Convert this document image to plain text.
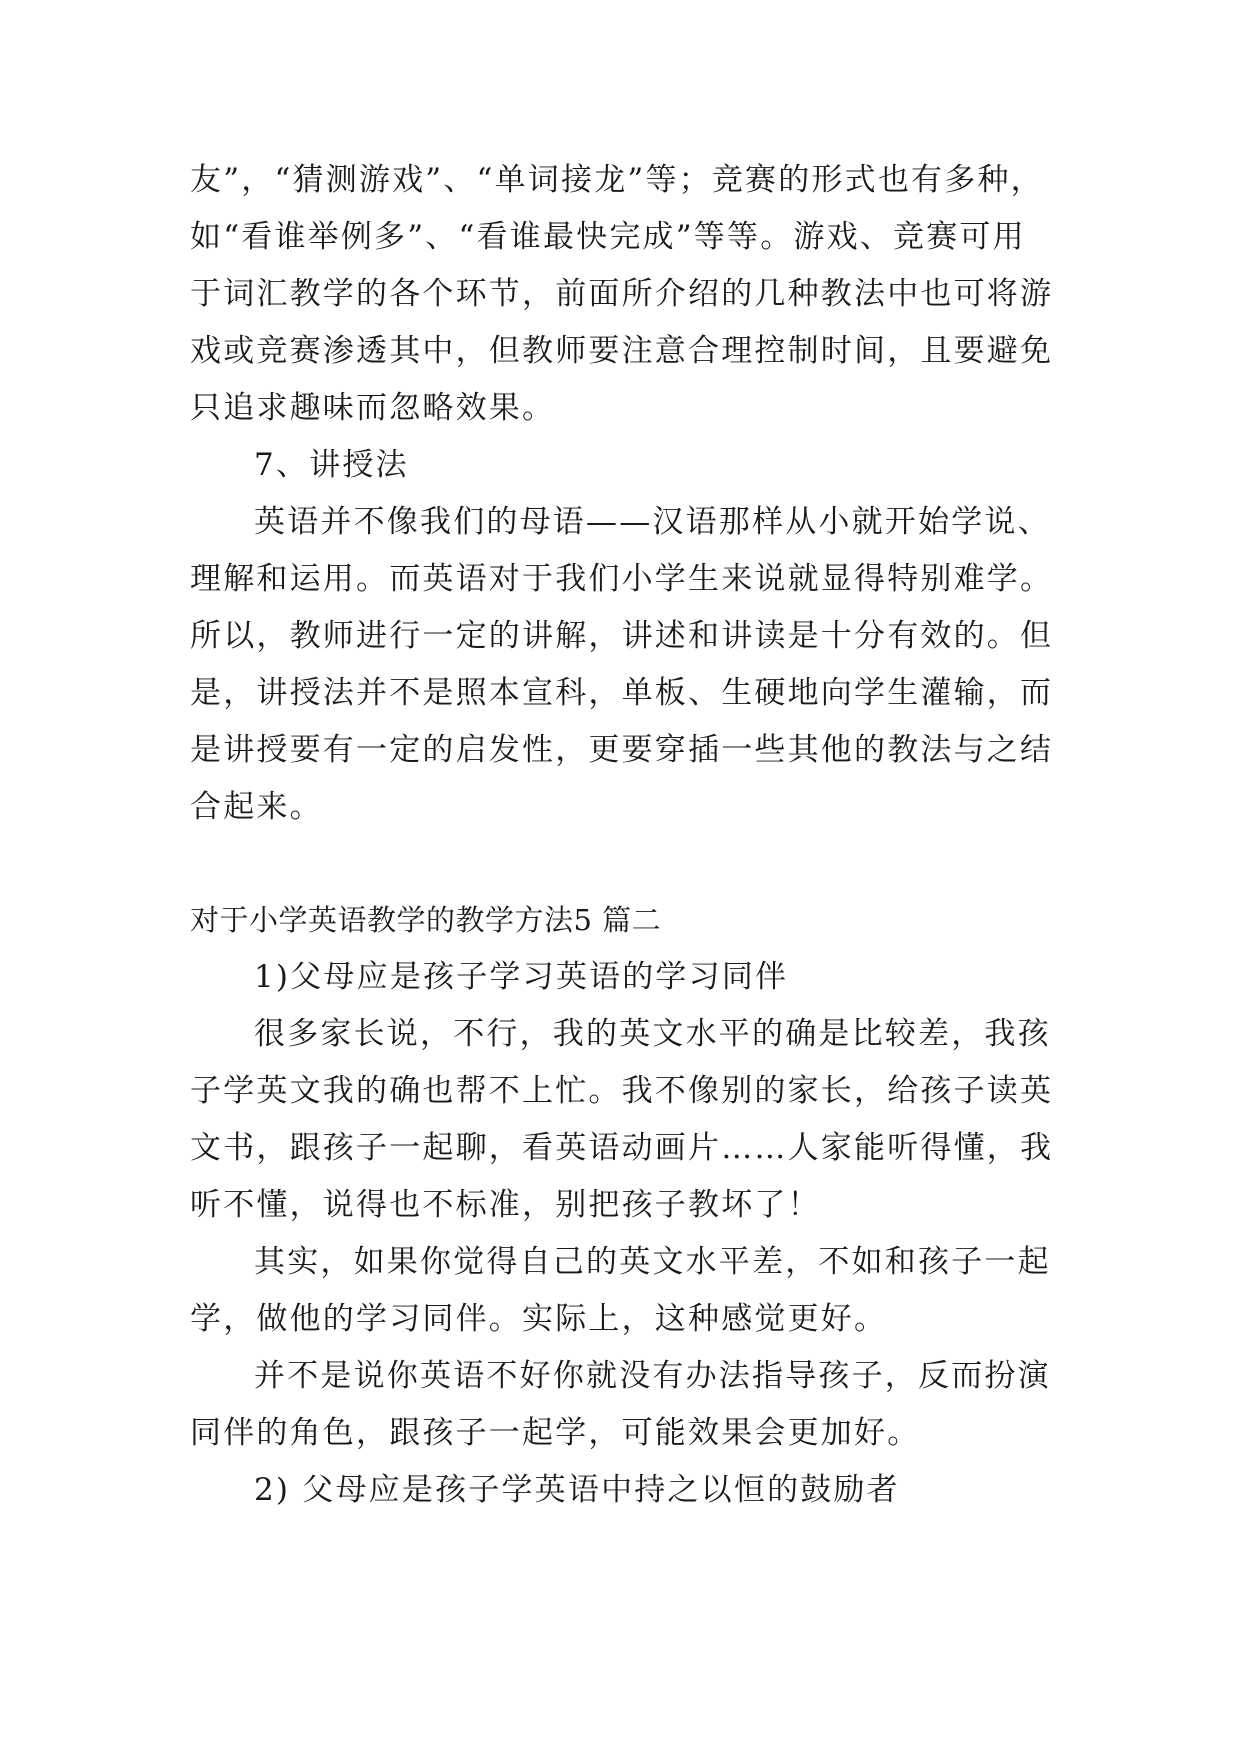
友”，“猜测游戏”、“单词接龙”等；竞赛的形式也有多种，
如“看谁举例多”、“看谁最快完成”等等。游戏、竞赛可用
于词汇教学的各个环节，前面所介绍的几种教法中也可将游
戏或竞赛渗透其中，但教师要注意合理控制时间，且要避免
只追求趣味而忽略效果。
7、讲授法
英语并不像我们的母语——汉语那样从小就开始学说、
理解和运用。而英语对于我们小学生来说就显得特别难学。
所以，教师进行一定的讲解，讲述和讲读是十分有效的。但
是，讲授法并不是照本宣科，单板、生硬地向学生灌输，而
是讲授要有一定的启发性，更要穿插一些其他的教法与之结
合起来。
对于小学英语教学的教学方法5 篇二
1)父母应是孩子学习英语的学习同伴
很多家长说，不行，我的英文水平的确是比较差，我孩
子学英文我的确也帮不上忙。我不像别的家长，给孩子读英
文书，跟孩子一起聊，看英语动画片……人家能听得懂，我
听不懂，说得也不标准，别把孩子教坏了！
其实，如果你觉得自己的英文水平差，不如和孩子一起
学，做他的学习同伴。实际上，这种感觉更好。
并不是说你英语不好你就没有办法指导孩子，反而扮演
同伴的角色，跟孩子一起学，可能效果会更加好。
2) 父母应是孩子学英语中持之以恒的鼓励者
